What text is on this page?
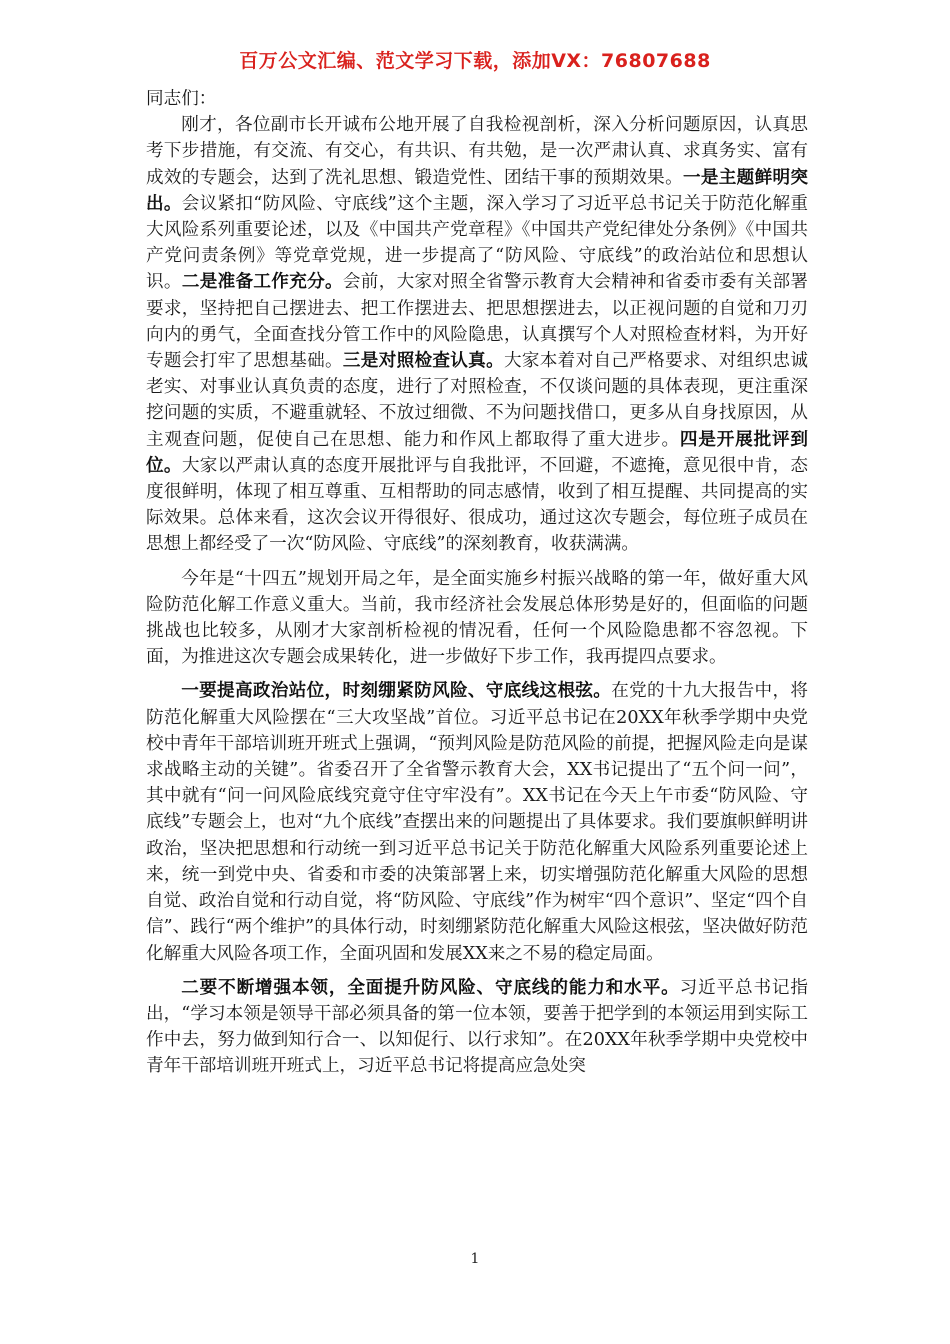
百万公文汇编、范文学习下载，添加VX：76807688

同志们：

刚才，各位副市长开诚布公地开展了自我检视剖析，深入分析问题原因，认真思考下步措施，有交流、有交心，有共识、有共勉，是一次严肃认真、求真务实、富有成效的专题会，达到了洗礼思想、锻造党性、团结干事的预期效果。一是主题鲜明突出。会议紧扣“防风险、守底线”这个主题，深入学习了习近平总书记关于防范化解重大风险系列重要论述，以及《中国共产党章程》《中国共产党纪律处分条例》《中国共产党问责条例》等党章党规，进一步提高了“防风险、守底线”的政治站位和思想认识。二是准备工作充分。会前，大家对照全省警示教育大会精神和省委市委有关部署要求，坚持把自己摆进去、把工作摆进去、把思想摆进去，以正视问题的自觉和刀刃向内的勇气，全面查找分管工作中的风险隐患，认真撰写个人对照检查材料，为开好专题会打牢了思想基础。三是对照检查认真。大家本着对自己严格要求、对组织忠诚老实、对事业认真负责的态度，进行了对照检查，不仅谈问题的具体表现，更注重深挖问题的实质，不避重就轻、不放过细微、不为问题找借口，更多从自身找原因，从主观查问题，促使自己在思想、能力和作风上都取得了重大进步。四是开展批评到位。大家以严肃认真的态度开展批评与自我批评，不回避，不遮掩，意见很中肯，态度很鲜明，体现了相互尊重、互相帮助的同志感情，收到了相互提醒、共同提高的实际效果。总体来看，这次会议开得很好、很成功，通过这次专题会，每位班子成员在思想上都经受了一次“防风险、守底线”的深刻教育，收获满满。

今年是“十四五”规划开局之年，是全面实施乡村振兴战略的第一年，做好重大风险防范化解工作意义重大。当前，我市经济社会发展总体形势是好的，但面临的问题挑战也比较多，从刚才大家剖析检视的情况看，任何一个风险隐患都不容忽视。下面，为推进这次专题会成果转化，进一步做好下步工作，我再提四点要求。

一要提高政治站位，时刻绷紧防风险、守底线这根弦。在党的十九大报告中，将防范化解重大风险摆在“三大攻坚战”首位。习近平总书记在20XX年秋季学期中央党校中青年干部培训班开班式上强调，“预判风险是防范风险的前提，把握风险走向是谋求战略主动的关键”。省委召开了全省警示教育大会，XX书记提出了“五个问一问”，其中就有“问一问风险底线究竟守住守牢没有”。XX书记在今天上午市委“防风险、守底线”专题会上，也对“九个底线”查摆出来的问题提出了具体要求。我们要旗帜鲜明讲政治，坚决把思想和行动统一到习近平总书记关于防范化解重大风险系列重要论述上来，统一到党中央、省委和市委的决策部署上来，切实增强防范化解重大风险的思想自觉、政治自觉和行动自觉，将“防风险、守底线”作为树牢“四个意识”、坚定“四个自信”、践行“两个维护”的具体行动，时刻绷紧防范化解重大风险这根弦，坚决做好防范化解重大风险各项工作，全面巩固和发展XX来之不易的稳定局面。

二要不断增强本领，全面提升防风险、守底线的能力和水平。习近平总书记指出，“学习本领是领导干部必须具备的第一位本领，要善于把学到的本领运用到实际工作中去，努力做到知行合一、以知促行、以行求知”。在20XX年秋季学期中央党校中青年干部培训班开班式上，习近平总书记将提高应急处突

1
